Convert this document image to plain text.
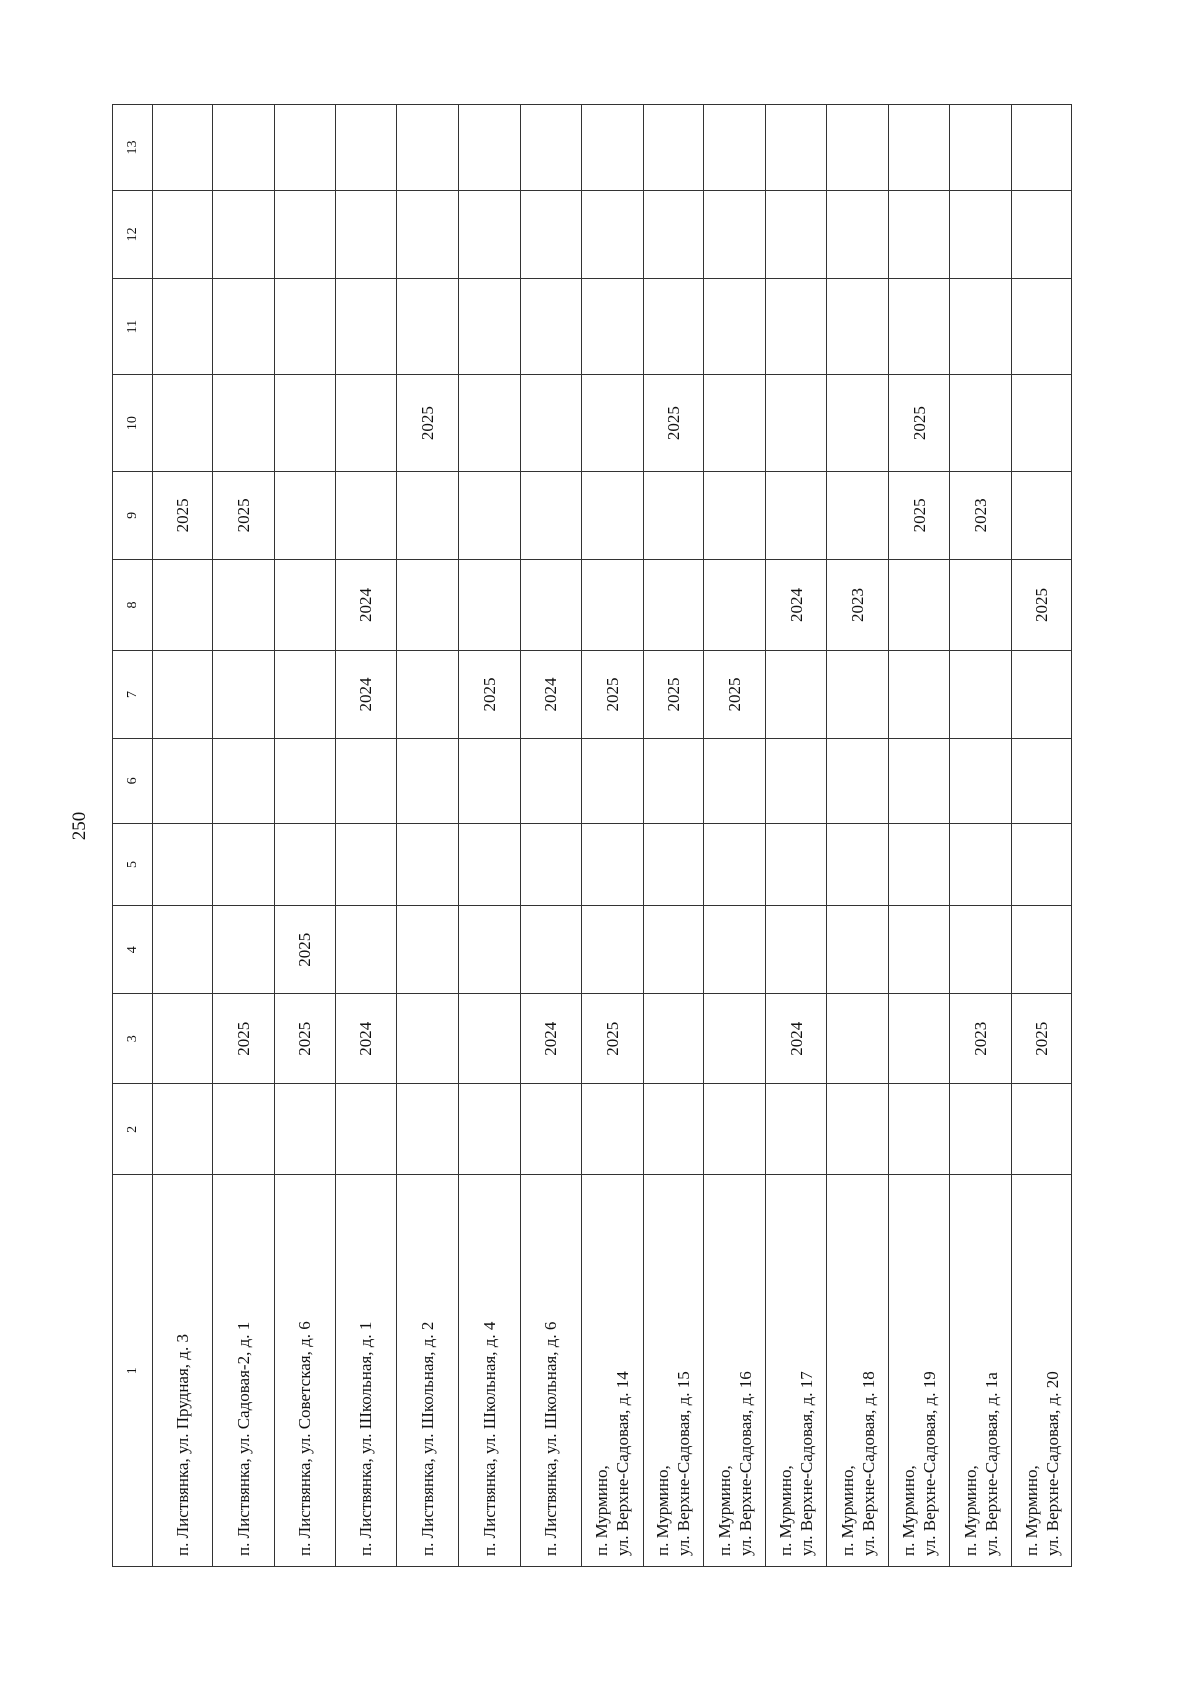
250
1	2	3	4	5	6	7	8	9	10	11	12	13

п. Листвянка, ул. Прудная, д. 3								2025				

п. Листвянка, ул. Садовая-2, д. 1		2025						2025				

п. Листвянка, ул. Советская, д. 6		2025	2025									

п. Листвянка, ул. Школьная, д. 1		2024				2024	2024					

п. Листвянка, ул. Школьная, д. 2									2025			

п. Листвянка, ул. Школьная, д. 4						2025						

п. Листвянка, ул. Школьная, д. 6		2024				2024						

п. Мурмино, ул. Верхне-Садовая, д. 14		2025				2025						

п. Мурмино, ул. Верхне-Садовая, д. 15						2025			2025			

п. Мурмино, ул. Верхне-Садовая, д. 16						2025						

п. Мурмино, ул. Верхне-Садовая, д. 17		2024					2024					

п. Мурмино, ул. Верхне-Садовая, д. 18							2023					

п. Мурмино, ул. Верхне-Садовая, д. 19								2025	2025			

п. Мурмино, ул. Верхне-Садовая, д. 1а		2023						2023				

п. Мурмино, ул. Верхне-Садовая, д. 20		2025					2025					
